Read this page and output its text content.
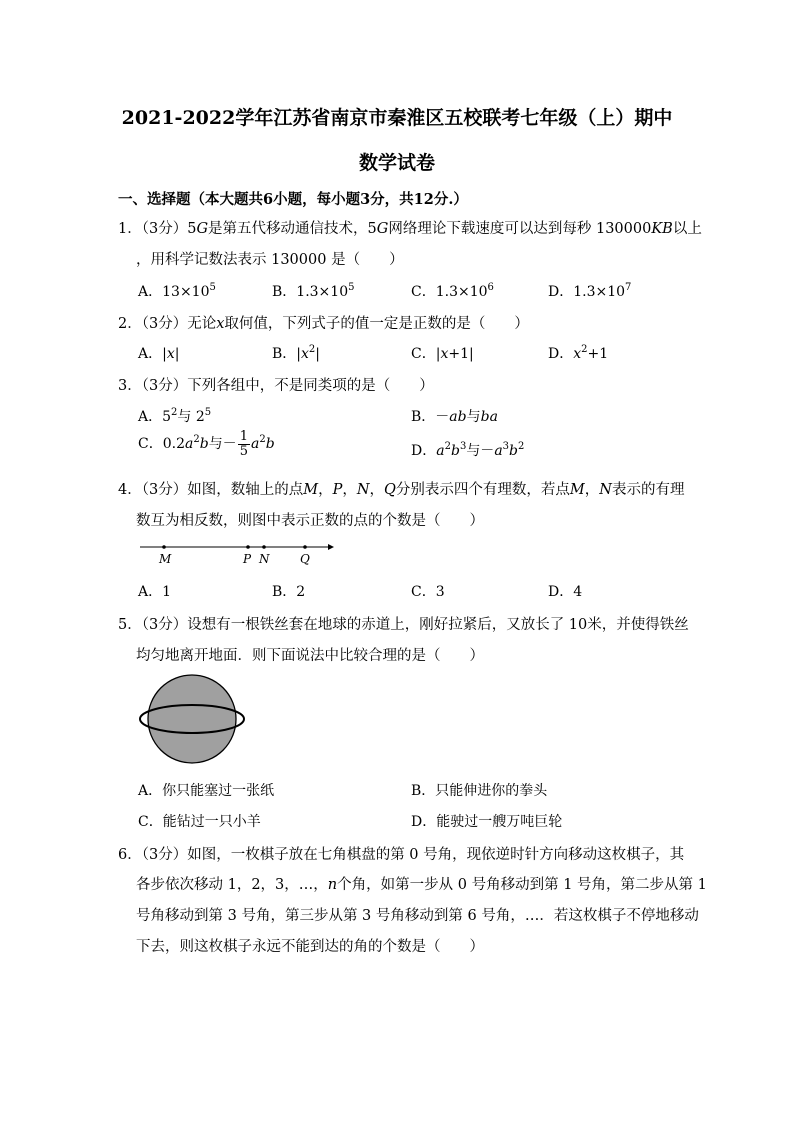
2021-2022学年江苏省南京市秦淮区五校联考七年级（上）期中
数学试卷
一、选择题（本大题共6小题，每小题3分，共12分.）
1．（3分）5G是第五代移动通信技术，5G网络理论下载速度可以达到每秒 130000KB以上
，用科学记数法表示 130000 是（　　）
A．$13\times 10^5$	B．$1.3\times 10^5$	C．$1.3\times 10^6$	D．$1.3\times 10^7$
2．（3分）无论x取何值，下列式子的值一定是正数的是（　　）
A．|x|	B．$|x^2|$	C．|x+1|	D．$x^2+1$
3．（3分）下列各组中，不是同类项的是（　　）
A．$5^2$与 $2^5$	B．－ab与ba
C．$0.2a^2b$与－ $\frac{1}{5} a^2b$	D．$a^2b^3$与$-a^3b^2$
4．（3分）如图，数轴上的点M，P，N，Q分别表示四个有理数，若点M，N表示的有理
数互为相反数，则图中表示正数的点的个数是（　　）
M	P N	Q
A．1	B．2	C．3	D．4
5．（3分）设想有一根铁丝套在地球的赤道上，刚好拉紧后，又放长了 10米，并使得铁丝
均匀地离开地面．则下面说法中比较合理的是（　　）
A．你只能塞过一张纸	B．只能伸进你的拳头
C．能钻过一只小羊	D．能驶过一艘万吨巨轮
6．（3分）如图，一枚棋子放在七角棋盘的第 0 号角，现依逆时针方向移动这枚棋子，其
各步依次移动 1，2，3，…，n个角，如第一步从 0 号角移动到第 1 号角，第二步从第 1
号角移动到第 3 号角，第三步从第 3 号角移动到第 6 号角，…．若这枚棋子不停地移动
下去，则这枚棋子永远不能到达的角的个数是（　　）
